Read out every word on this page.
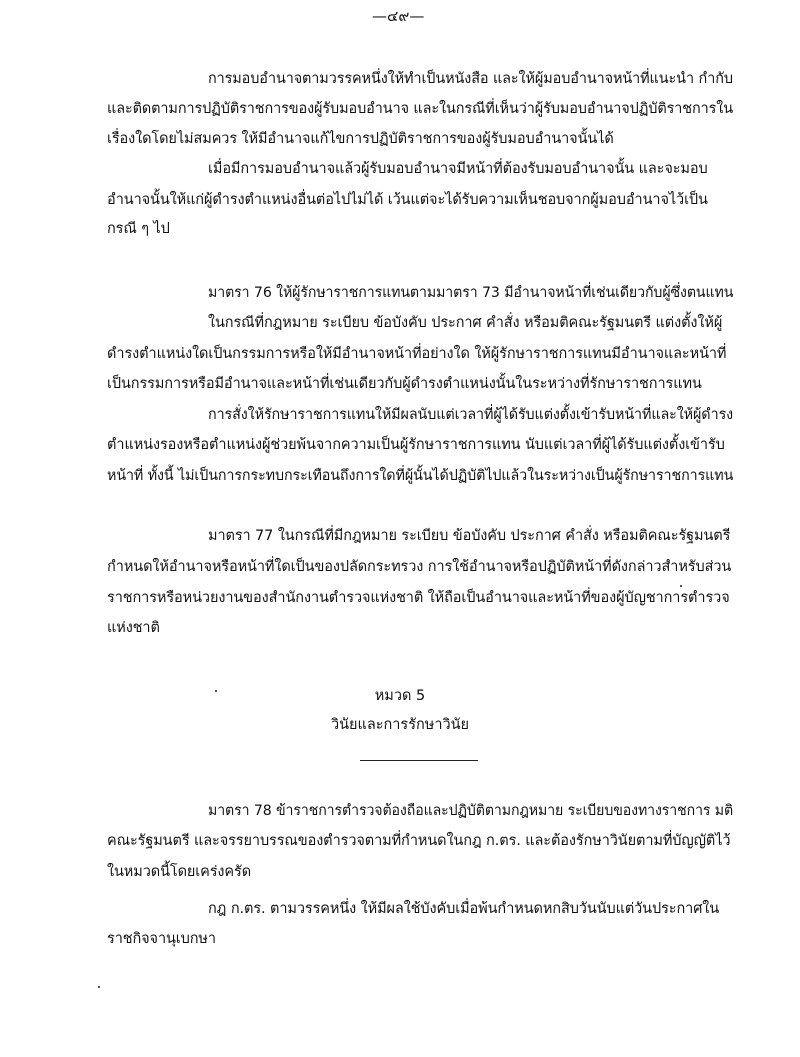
—๔๙—
การมอบอำนาจตามวรรคหนึ่งให้ทำเป็นหนังสือ และให้ผู้มอบอำนาจหน้าที่แนะนำ กำกับ
และติดตามการปฏิบัติราชการของผู้รับมอบอำนาจ และในกรณีที่เห็นว่าผู้รับมอบอำนาจปฏิบัติราชการใน
เรื่องใดโดยไม่สมควร ให้มีอำนาจแก้ไขการปฏิบัติราชการของผู้รับมอบอำนาจนั้นได้
เมื่อมีการมอบอำนาจแล้วผู้รับมอบอำนาจมีหน้าที่ต้องรับมอบอำนาจนั้น และจะมอบ
อำนาจนั้นให้แก่ผู้ดำรงตำแหน่งอื่นต่อไปไม่ได้ เว้นแต่จะได้รับความเห็นชอบจากผู้มอบอำนาจไว้เป็น
กรณี ๆ ไป
มาตรา 76 ให้ผู้รักษาราชการแทนตามมาตรา 73 มีอำนาจหน้าที่เช่นเดียวกับผู้ซึ่งตนแทน
ในกรณีที่กฎหมาย ระเบียบ ข้อบังคับ ประกาศ คำสั่ง หรือมติคณะรัฐมนตรี แต่งตั้งให้ผู้
ดำรงตำแหน่งใดเป็นกรรมการหรือให้มีอำนาจหน้าที่อย่างใด ให้ผู้รักษาราชการแทนมีอำนาจและหน้าที่
เป็นกรรมการหรือมีอำนาจและหน้าที่เช่นเดียวกับผู้ดำรงตำแหน่งนั้นในระหว่างที่รักษาราชการแทน
การสั่งให้รักษาราชการแทนให้มีผลนับแต่เวลาที่ผู้ได้รับแต่งตั้งเข้ารับหน้าที่และให้ผู้ดำรง
ตำแหน่งรองหรือตำแหน่งผู้ช่วยพ้นจากความเป็นผู้รักษาราชการแทน นับแต่เวลาที่ผู้ได้รับแต่งตั้งเข้ารับ
หน้าที่ ทั้งนี้ ไม่เป็นการกระทบกระเทือนถึงการใดที่ผู้นั้นได้ปฏิบัติไปแล้วในระหว่างเป็นผู้รักษาราชการแทน
มาตรา 77 ในกรณีที่มีกฎหมาย ระเบียบ ข้อบังคับ ประกาศ คำสั่ง หรือมติคณะรัฐมนตรี
กำหนดให้อำนาจหรือหน้าที่ใดเป็นของปลัดกระทรวง การใช้อำนาจหรือปฏิบัติหน้าที่ดังกล่าวสำหรับส่วน
ราชการหรือหน่วยงานของสำนักงานตำรวจแห่งชาติ ให้ถือเป็นอำนาจและหน้าที่ของผู้บัญชาการตำรวจ
แห่งชาติ
หมวด 5
วินัยและการรักษาวินัย
มาตรา 78 ข้าราชการตำรวจต้องถือและปฏิบัติตามกฎหมาย ระเบียบของทางราชการ มติ
คณะรัฐมนตรี และจรรยาบรรณของตำรวจตามที่กำหนดในกฎ ก.ตร. และต้องรักษาวินัยตามที่บัญญัติไว้
ในหมวดนี้โดยเคร่งครัด
กฎ ก.ตร. ตามวรรคหนึ่ง ให้มีผลใช้บังคับเมื่อพ้นกำหนดหกสิบวันนับแต่วันประกาศใน
ราชกิจจานุเบกษา
